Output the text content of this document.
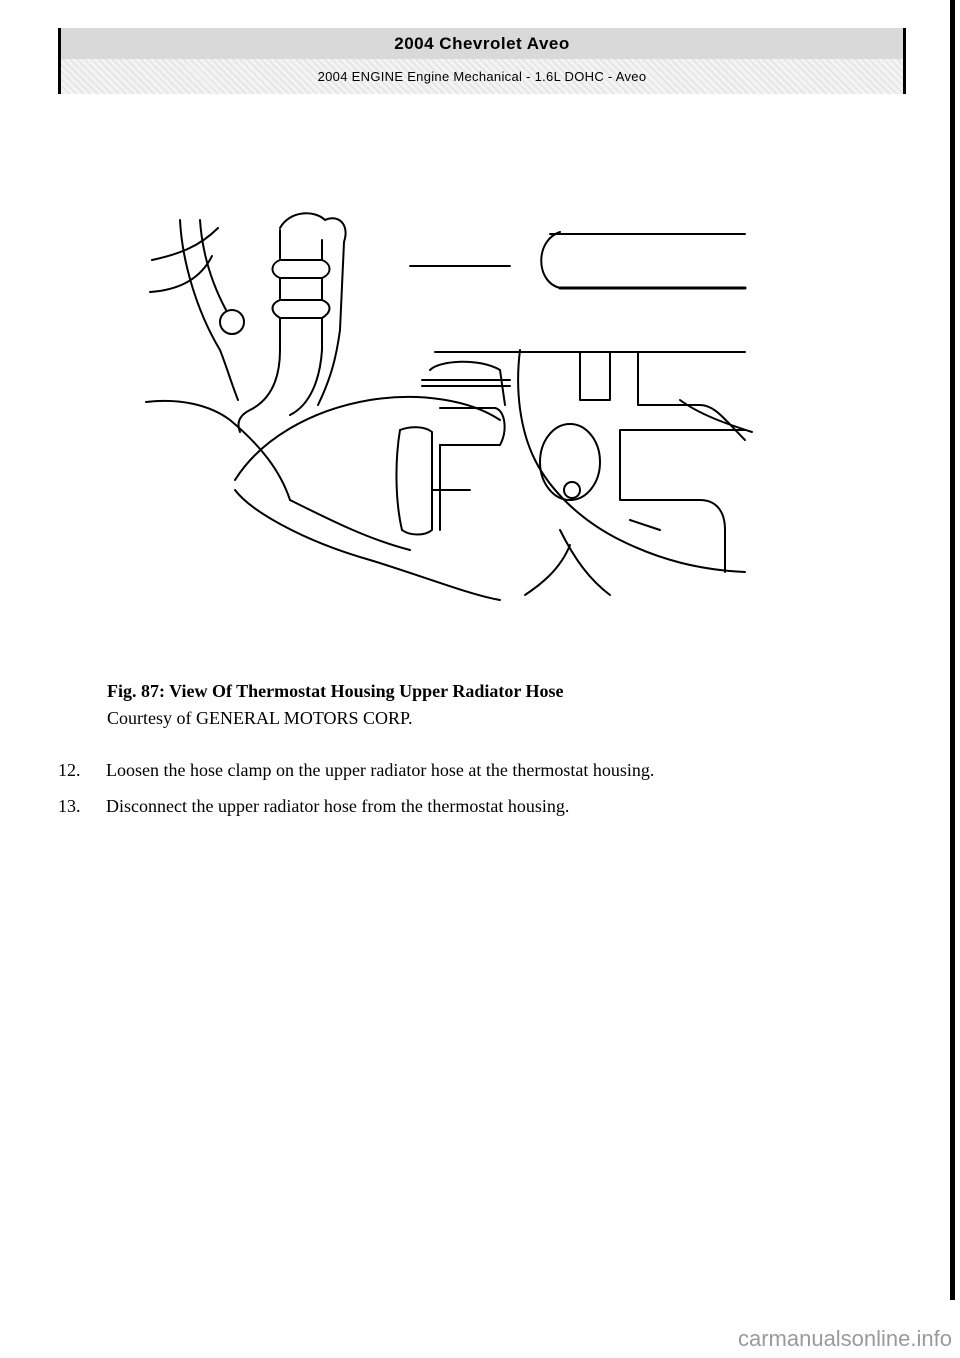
2004 Chevrolet Aveo
2004 ENGINE Engine Mechanical - 1.6L DOHC - Aveo
Fig. 87: View Of Thermostat Housing Upper Radiator Hose
Courtesy of GENERAL MOTORS CORP.
12.	Loosen the hose clamp on the upper radiator hose at the thermostat housing.
13.	Disconnect the upper radiator hose from the thermostat housing.
carmanualsonline.info
